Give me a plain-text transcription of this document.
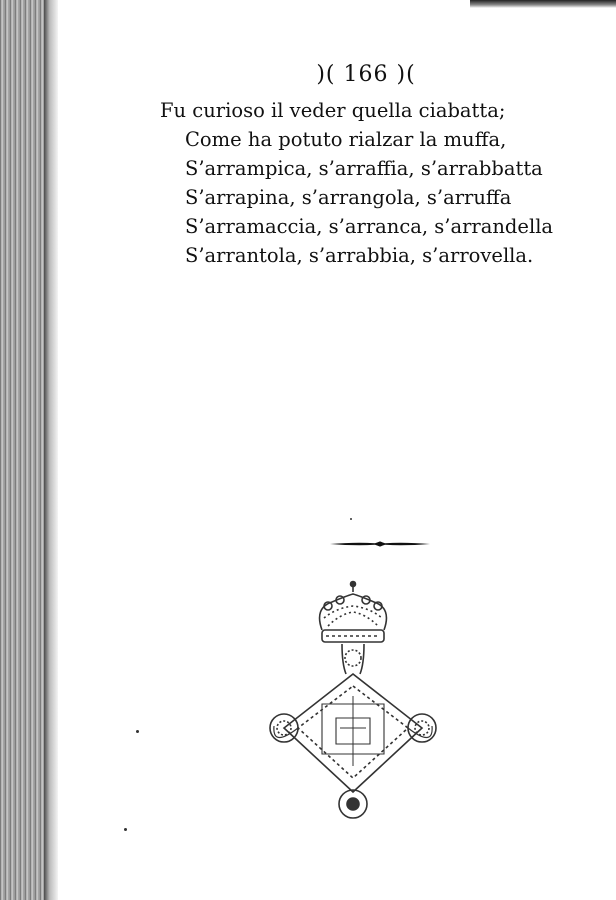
)( 166 )(
Fu curioso il veder quella ciabatta;
Come ha potuto rialzar la muffa,
S’arrampica, s’arraffia, s’arrabbatta
S’arrapina, s’arrangola, s’arruffa
S’arramaccia, s’arranca, s’arrandella
S’arrantola, s’arrabbia, s’arrovella.
